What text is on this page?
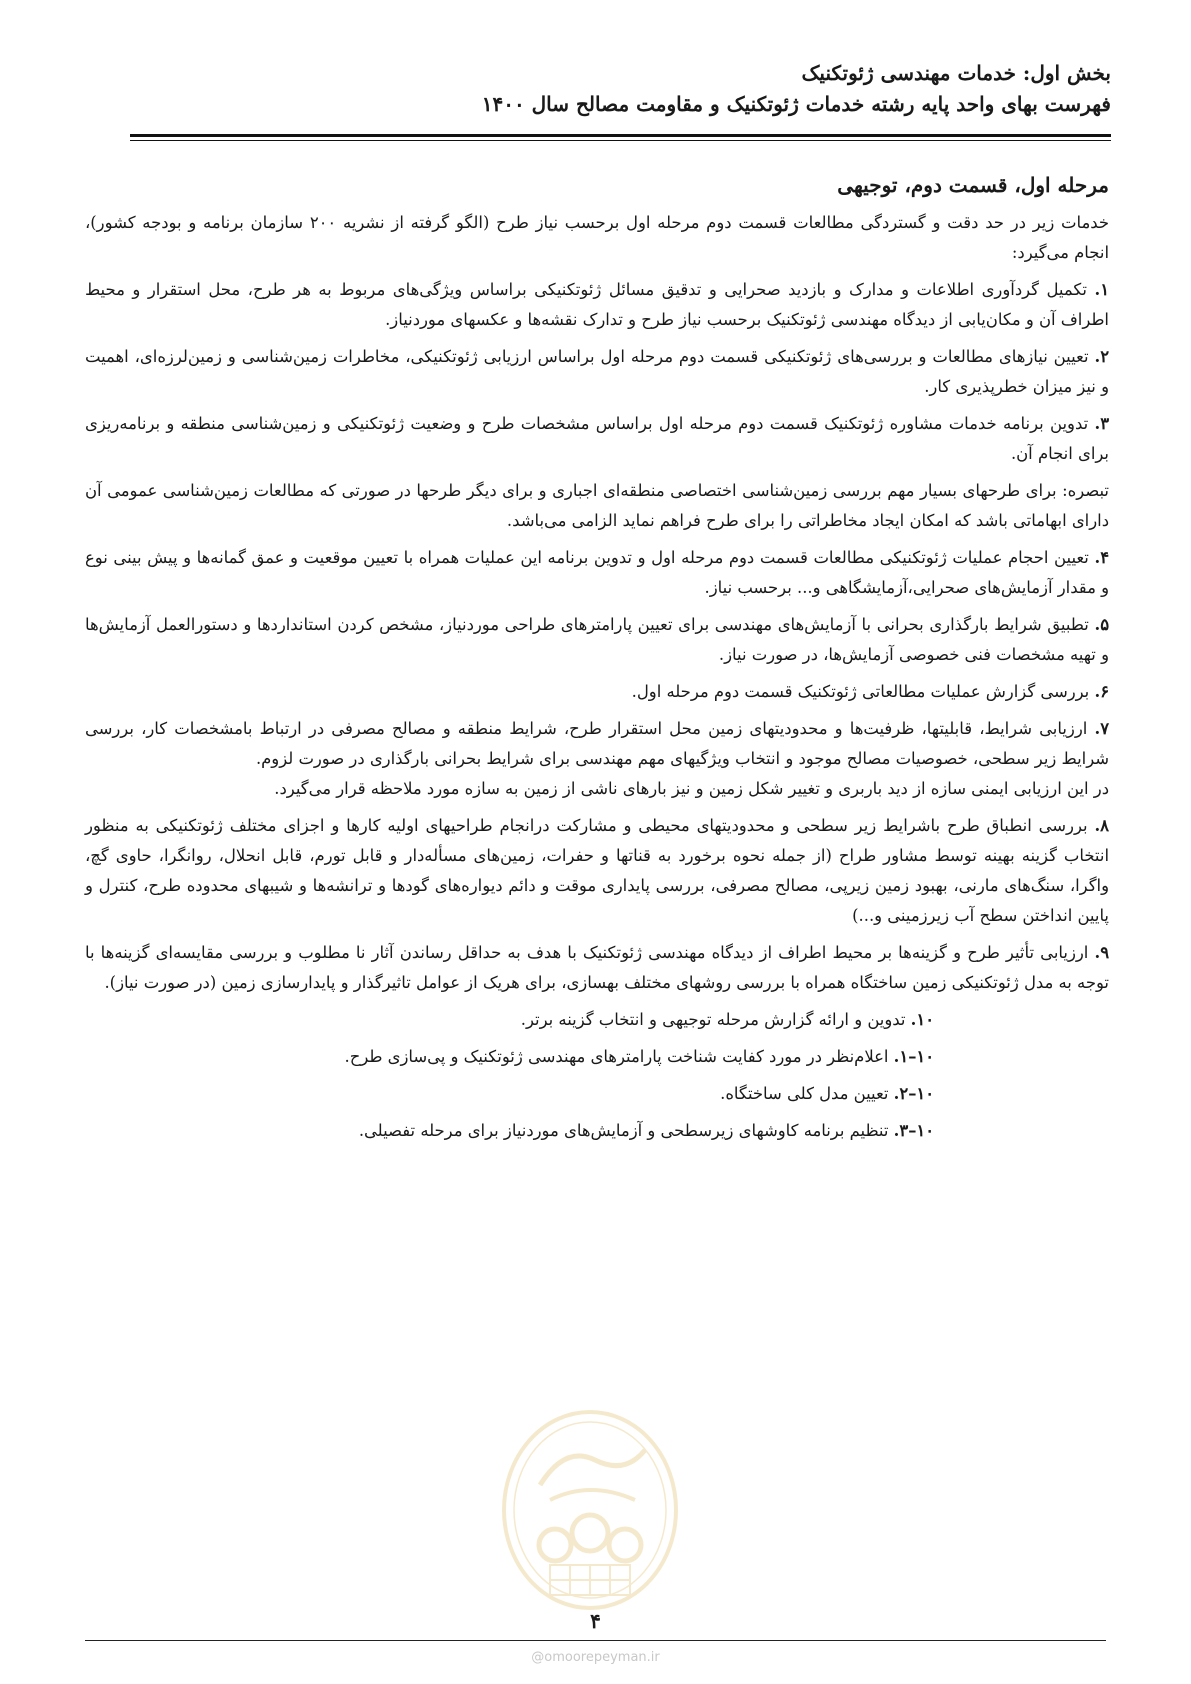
بخش اول: خدمات مهندسی ژئوتکنیک
فهرست بهای واحد پایه رشته خدمات ژئوتکنیک و مقاومت مصالح سال ۱۴۰۰
مرحله اول، قسمت دوم، توجیهی

خدمات زیر در حد دقت و گستردگی مطالعات قسمت دوم مرحله اول برحسب نیاز طرح (الگو گرفته از نشریه ۲۰۰ سازمان برنامه و بودجه کشور)، انجام می‌گیرد:

۱. تکمیل گردآوری اطلاعات و مدارک و بازدید صحرایی و تدقیق مسائل ژئوتکنیکی براساس ویژگی‌های مربوط به هر طرح، محل استقرار و محیط اطراف آن و مکان‌یابی از دیدگاه مهندسی ژئوتکنیک برحسب نیاز طرح و تدارک نقشه‌ها و عکسهای موردنیاز.

۲. تعیین نیازهای مطالعات و بررسی‌های ژئوتکنیکی قسمت دوم مرحله اول براساس ارزیابی ژئوتکنیکی، مخاطرات زمین‌شناسی و زمین‌لرزه‌ای، اهمیت و نیز میزان خطرپذیری کار.

۳. تدوین برنامه خدمات مشاوره ژئوتکنیک قسمت دوم مرحله اول براساس مشخصات طرح و وضعیت ژئوتکنیکی و زمین‌شناسی منطقه و برنامه‌ریزی برای انجام آن.

تبصره: برای طرحهای بسیار مهم بررسی زمین‌شناسی اختصاصی منطقه‌ای اجباری و برای دیگر طرحها در صورتی که مطالعات زمین‌شناسی عمومی آن دارای ابهاماتی باشد که امکان ایجاد مخاطراتی را برای طرح فراهم نماید الزامی می‌باشد.

۴. تعیین احجام عملیات ژئوتکنیکی مطالعات قسمت دوم مرحله اول و تدوین برنامه این عملیات همراه با تعیین موقعیت و عمق گمانه‌ها و پیش بینی نوع و مقدار آزمایش‌های صحرایی،آزمایشگاهی و... برحسب نیاز.

۵. تطبیق شرایط بارگذاری بحرانی با آزمایش‌های مهندسی برای تعیین پارامترهای طراحی موردنیاز، مشخص کردن استانداردها و دستورالعمل آزمایش‌ها و تهیه مشخصات فنی خصوصی آزمایش‌ها، در صورت نیاز.

۶. بررسی گزارش عملیات مطالعاتی ژئوتکنیک قسمت دوم مرحله اول.

۷. ارزیابی شرایط، قابلیتها، ظرفیت‌ها و محدودیتهای زمین محل استقرار طرح، شرایط منطقه و مصالح مصرفی در ارتباط بامشخصات کار، بررسی شرایط زیر سطحی، خصوصیات مصالح موجود و انتخاب ویژگیهای مهم مهندسی برای شرایط بحرانی بارگذاری در صورت لزوم.

در این ارزیابی ایمنی سازه از دید باربری و تغییر شکل زمین و نیز بارهای ناشی از زمین به سازه مورد ملاحظه قرار می‌گیرد.

۸. بررسی انطباق طرح باشرایط زیر سطحی و محدودیتهای محیطی و مشارکت درانجام طراحیهای اولیه کارها و اجزای مختلف ژئوتکنیکی به منظور انتخاب گزینه بهینه توسط مشاور طراح (از جمله نحوه برخورد به قناتها و حفرات، زمین‌های مسأله‌دار و قابل تورم، قابل انحلال، روانگرا، حاوی گچ، واگرا، سنگ‌های مارنی، بهبود زمین زیرپی، مصالح مصرفی، بررسی پایداری موقت و دائم دیواره‌های گودها و ترانشه‌ها و شیبهای محدوده طرح، کنترل و پایین انداختن سطح آب زیرزمینی و...)

۹. ارزیابی تأثیر طرح و گزینه‌ها بر محیط اطراف از دیدگاه مهندسی ژئوتکنیک با هدف به حداقل رساندن آثار نا مطلوب و بررسی مقایسه‌ای گزینه‌ها با توجه به مدل ژئوتکنیکی زمین ساختگاه همراه با بررسی روشهای مختلف بهسازی، برای هریک از عوامل تاثیرگذار و پایدارسازی زمین (در صورت نیاز).

۱۰. تدوین و ارائه گزارش مرحله توجیهی و انتخاب گزینه برتر.

۱۰–۱. اعلام‌نظر در مورد کفایت شناخت پارامترهای مهندسی ژئوتکنیک و پی‌سازی طرح.

۱۰–۲. تعیین مدل کلی ساختگاه.

۱۰–۳. تنظیم برنامه کاوشهای زیرسطحی و آزمایش‌های موردنیاز برای مرحله تفصیلی.

۴
@omoorepeyman.ir
